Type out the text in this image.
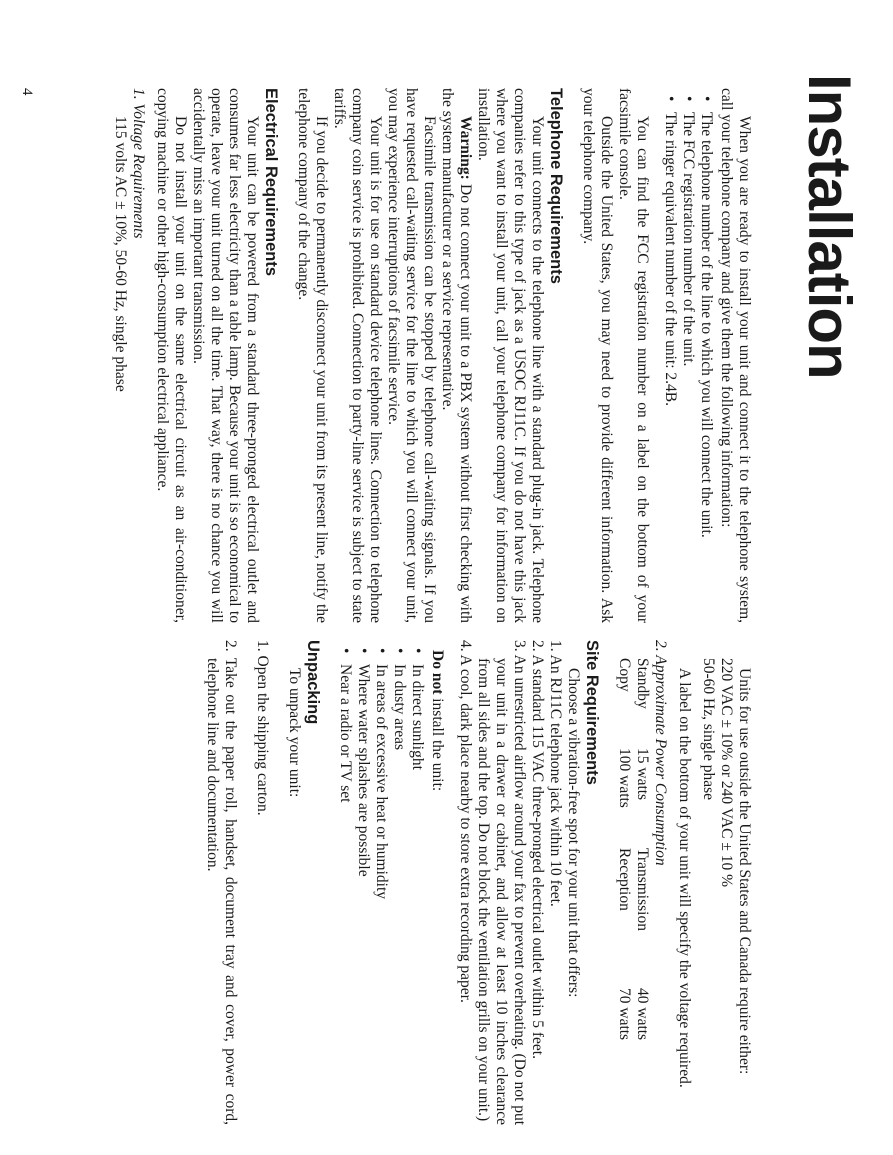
Installation

When you are ready to install your unit and connect it to the telephone system, call your telephone company and give them the following information:

• The telephone number of the line to which you will connect the unit.
• The FCC registration number of the unit.
• The ringer equivalent number of the unit: 2.4B.

You can find the FCC registration number on a label on the bottom of your facsimile console.

Outside the United States, you may need to provide different information. Ask your telephone company.

Telephone Requirements

Your unit connects to the telephone line with a standard plug-in jack. Telephone companies refer to this type of jack as a USOC RJ11C. If you do not have this jack where you want to install your unit, call your telephone company for information on installation.

Warning: Do not connect your unit to a PBX system without first checking with the system manufacturer or a service representative.

Facsimile transmission can be stopped by telephone call-waiting signals. If you have requested call-waiting service for the line to which you will connect your unit, you may experience interruptions of facsimile service.

Your unit is for use on standard device telephone lines. Connection to telephone company coin service is prohibited. Connection to party-line service is subject to state tariffs.

If you decide to permanently disconnect your unit from its present line, notify the telephone company of the change.

Electrical Requirements

Your unit can be powered from a standard three-pronged electrical outlet and consumes far less electricity than a table lamp. Because your unit is so economical to operate, leave your unit turned on all the time. That way, there is no chance you will accidentally miss an important transmission.

Do not install your unit on the same electrical circuit as an air-conditioner, copying machine or other high-consumption electrical appliance.

1. Voltage Requirements

115 volts AC ± 10%, 50-60 Hz, single phase

Units for use outside the United States and Canada require either:

220 VAC ± 10% or 240 VAC ± 10 %

50-60 Hz, single phase

A label on the bottom of your unit will specify the voltage required.

2. Approximate Power Consumption

Standby
15 watts
Transmission
40 watts
Copy
100 watts
Reception
70 watts
Site Requirements

Choose a vibration-free spot for your unit that offers:

1. An RJ11C telephone jack within 10 feet.

2. A standard 115 VAC three-pronged electrical outlet within 5 feet.

3. An unrestricted airflow around your fax to prevent overheating. (Do not put your unit in a drawer or cabinet, and allow at least 10 inches clearance from all sides and the top. Do not block the ventilation grills on your unit.)

4. A cool, dark place nearby to store extra recording paper.

Do not install the unit:

• In direct sunlight
• In dusty areas
• In areas of excessive heat or humidity
• Where water splashes are possible
• Near a radio or TV set
Unpacking

To unpack your unit:

1. Open the shipping carton.

2. Take out the paper roll, handset, document tray and cover, power cord, telephone line and documentation.

4
